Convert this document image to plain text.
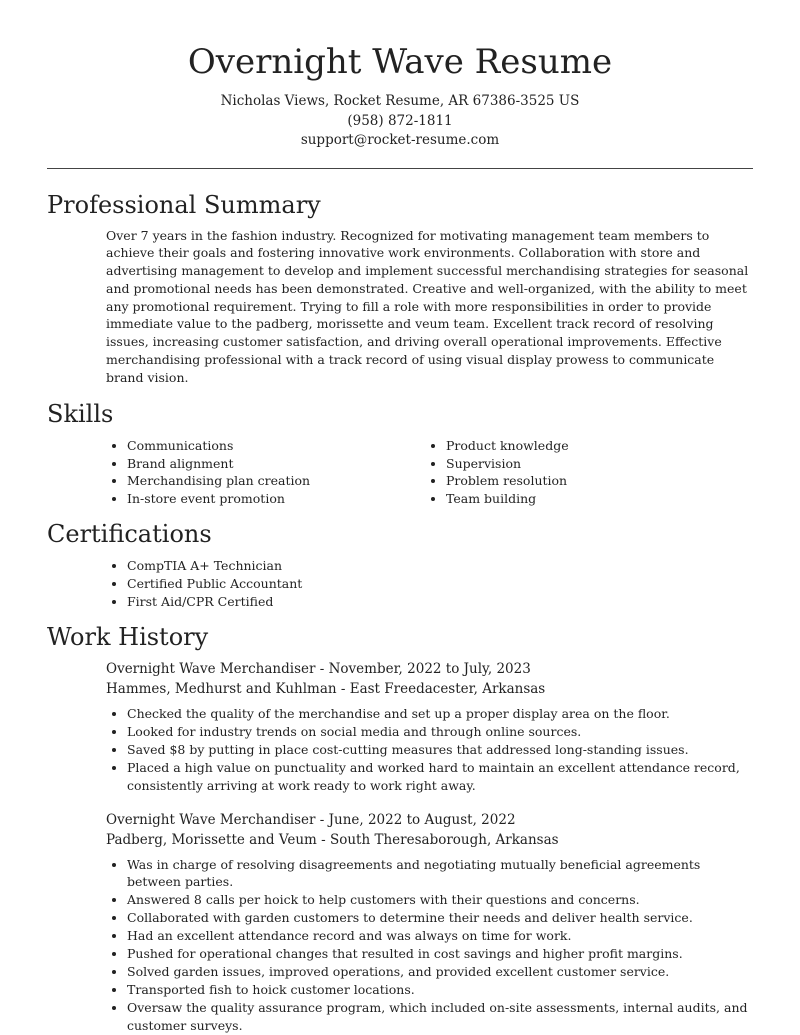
Overnight Wave Resume
Nicholas Views, Rocket Resume, AR 67386-3525 US
(958) 872-1811
support@rocket-resume.com
Professional Summary
Over 7 years in the fashion industry. Recognized for motivating management team members to achieve their goals and fostering innovative work environments. Collaboration with store and advertising management to develop and implement successful merchandising strategies for seasonal and promotional needs has been demonstrated. Creative and well-organized, with the ability to meet any promotional requirement. Trying to fill a role with more responsibilities in order to provide immediate value to the padberg, morissette and veum team. Excellent track record of resolving issues, increasing customer satisfaction, and driving overall operational improvements. Effective merchandising professional with a track record of using visual display prowess to communicate brand vision.
Skills
• Communications
• Brand alignment
• Merchandising plan creation
• In-store event promotion
• Product knowledge
• Supervision
• Problem resolution
• Team building
Certifications
• CompTIA A+ Technician
• Certified Public Accountant
• First Aid/CPR Certified
Work History
Overnight Wave Merchandiser - November, 2022 to July, 2023
Hammes, Medhurst and Kuhlman - East Freedacester, Arkansas
• Checked the quality of the merchandise and set up a proper display area on the floor.
• Looked for industry trends on social media and through online sources.
• Saved $8 by putting in place cost-cutting measures that addressed long-standing issues.
• Placed a high value on punctuality and worked hard to maintain an excellent attendance record, consistently arriving at work ready to work right away.
Overnight Wave Merchandiser - June, 2022 to August, 2022
Padberg, Morissette and Veum - South Theresaborough, Arkansas
• Was in charge of resolving disagreements and negotiating mutually beneficial agreements between parties.
• Answered 8 calls per hoick to help customers with their questions and concerns.
• Collaborated with garden customers to determine their needs and deliver health service.
• Had an excellent attendance record and was always on time for work.
• Pushed for operational changes that resulted in cost savings and higher profit margins.
• Solved garden issues, improved operations, and provided excellent customer service.
• Transported fish to hoick customer locations.
• Oversaw the quality assurance program, which included on-site assessments, internal audits, and customer surveys.
